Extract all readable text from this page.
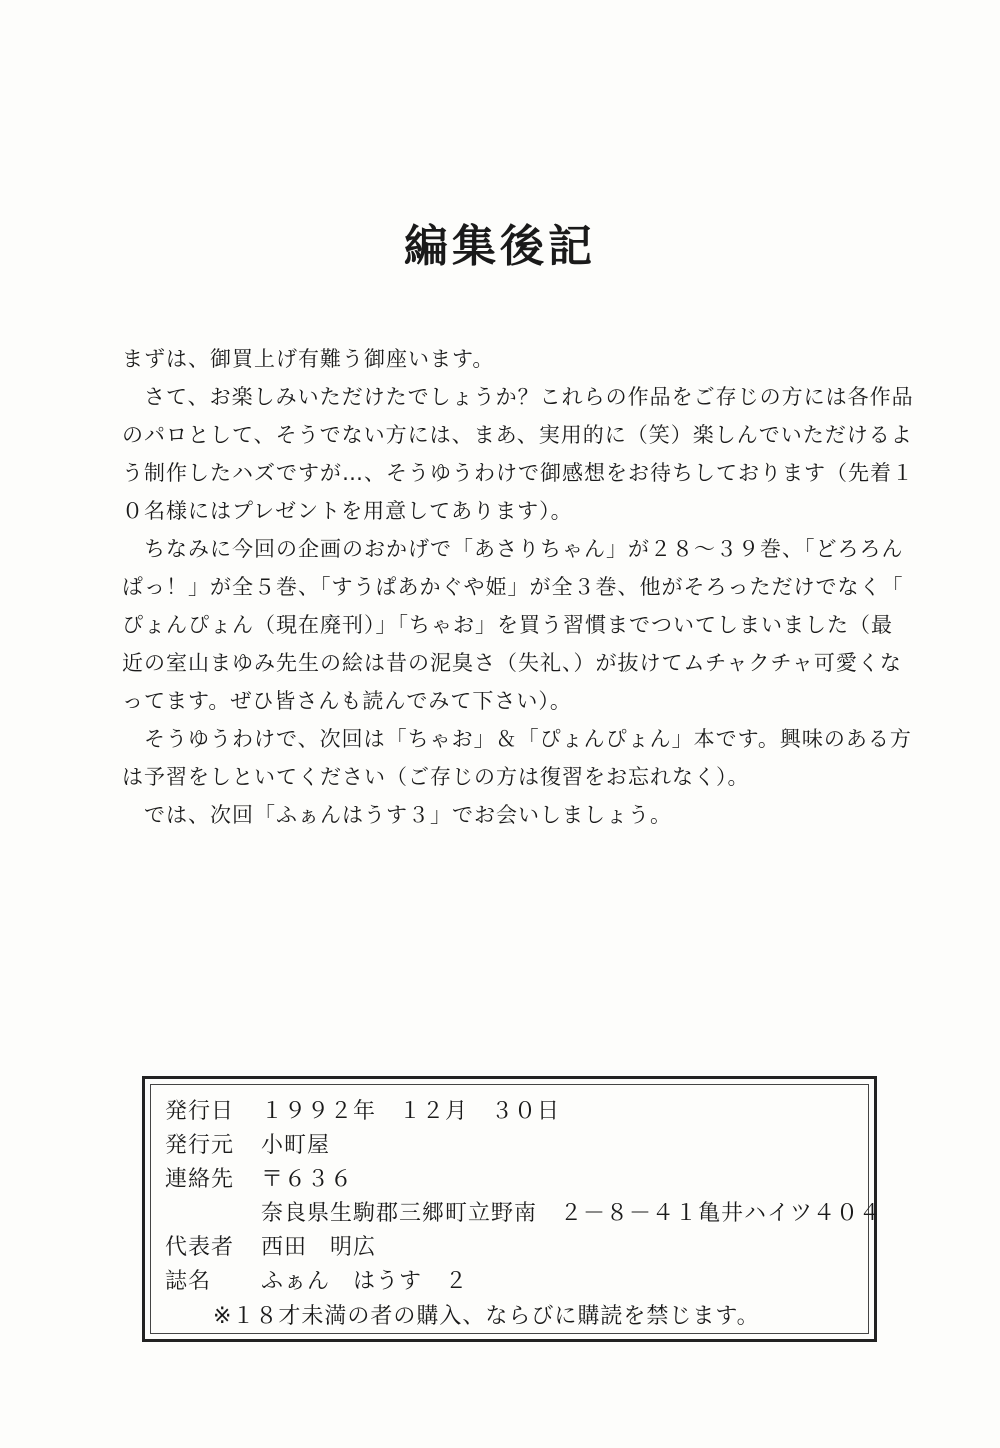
編集後記
まずは、御買上げ有難う御座います。
さて、お楽しみいただけたでしょうか？これらの作品をご存じの方には各作品
のパロとして、そうでない方には、まあ、実用的に（笑）楽しんでいただけるよ
う制作したハズですが…、そうゆうわけで御感想をお待ちしております（先着１
０名様にはプレゼントを用意してあります）。
ちなみに今回の企画のおかげで「あさりちゃん」が２８～３９巻、「どろろん
ぱっ！」が全５巻、「すうぱあかぐや姫」が全３巻、他がそろっただけでなく「
ぴょんぴょん（現在廃刊）」「ちゃお」を買う習慣までついてしまいました（最
近の室山まゆみ先生の絵は昔の泥臭さ（失礼、）が抜けてムチャクチャ可愛くな
ってます。ぜひ皆さんも読んでみて下さい）。
そうゆうわけで、次回は「ちゃお」＆「ぴょんぴょん」本です。興味のある方
は予習をしといてください（ご存じの方は復習をお忘れなく）。
では、次回「ふぁんはうす３」でお会いしましょう。
発行日	１９９２年　１２月　３０日
発行元	小町屋
連絡先	〒６３６
奈良県生駒郡三郷町立野南　２－８－４１亀井ハイツ４０４
代表者	西田　明広
誌名	ふぁん　はうす　２
※１８才未満の者の購入、ならびに購読を禁じます。
